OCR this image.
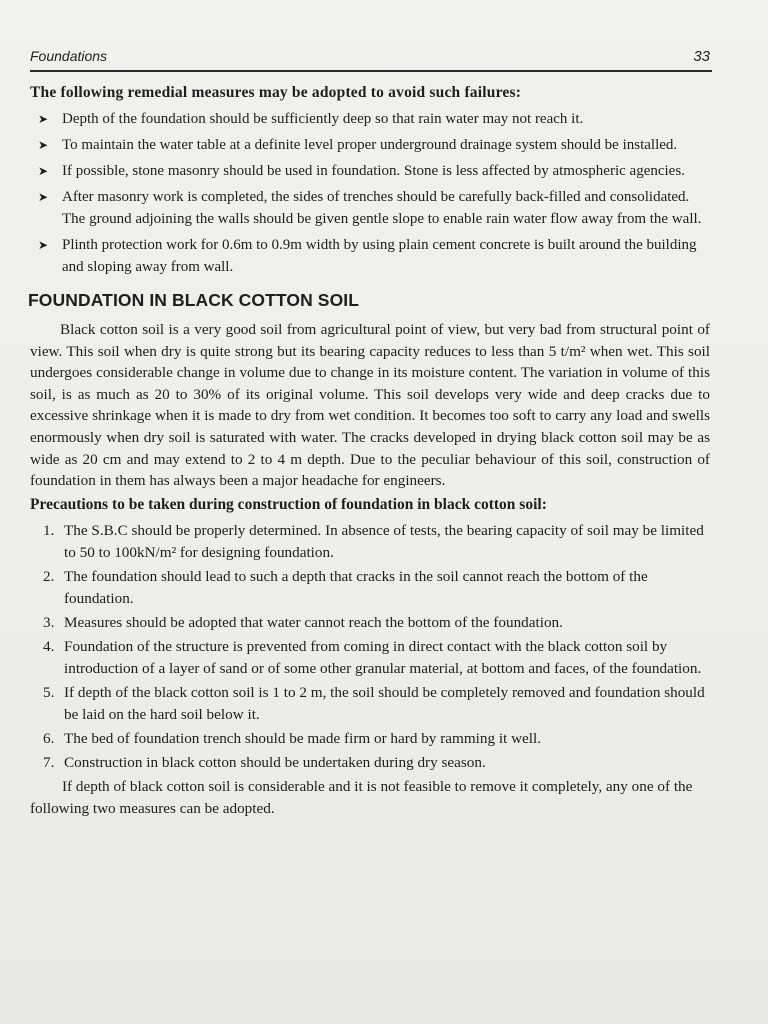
Foundations	33

The following remedial measures may be adopted to avoid such failures:

➤ Depth of the foundation should be sufficiently deep so that rain water may not reach it.
➤ To maintain the water table at a definite level proper underground drainage system should be installed.
➤ If possible, stone masonry should be used in foundation. Stone is less affected by atmospheric agencies.
➤ After masonry work is completed, the sides of trenches should be carefully back-filled and consolidated. The ground adjoining the walls should be given gentle slope to enable rain water flow away from the wall.
➤ Plinth protection work for 0.6m to 0.9m width by using plain cement concrete is built around the building and sloping away from wall.
FOUNDATION IN BLACK COTTON SOIL

Black cotton soil is a very good soil from agricultural point of view, but very bad from structural point of view. This soil when dry is quite strong but its bearing capacity reduces to less than 5 t/m² when wet. This soil undergoes considerable change in volume due to change in its moisture content. The variation in volume of this soil, is as much as 20 to 30% of its original volume. This soil develops very wide and deep cracks due to excessive shrinkage when it is made to dry from wet condition. It becomes too soft to carry any load and swells enormously when dry soil is saturated with water. The cracks developed in drying black cotton soil may be as wide as 20 cm and may extend to 2 to 4 m depth. Due to the peculiar behaviour of this soil, construction of foundation in them has always been a major headache for engineers.

Precautions to be taken during construction of foundation in black cotton soil:

1. The S.B.C should be properly determined. In absence of tests, the bearing capacity of soil may be limited to 50 to 100kN/m² for designing foundation.
2. The foundation should lead to such a depth that cracks in the soil cannot reach the bottom of the foundation.
3. Measures should be adopted that water cannot reach the bottom of the foundation.
4. Foundation of the structure is prevented from coming in direct contact with the black cotton soil by introduction of a layer of sand or of some other granular material, at bottom and faces, of the foundation.
5. If depth of the black cotton soil is 1 to 2 m, the soil should be completely removed and foundation should be laid on the hard soil below it.
6. The bed of foundation trench should be made firm or hard by ramming it well.
7. Construction in black cotton should be undertaken during dry season.

If depth of black cotton soil is considerable and it is not feasible to remove it completely, any one of the following two measures can be adopted.
